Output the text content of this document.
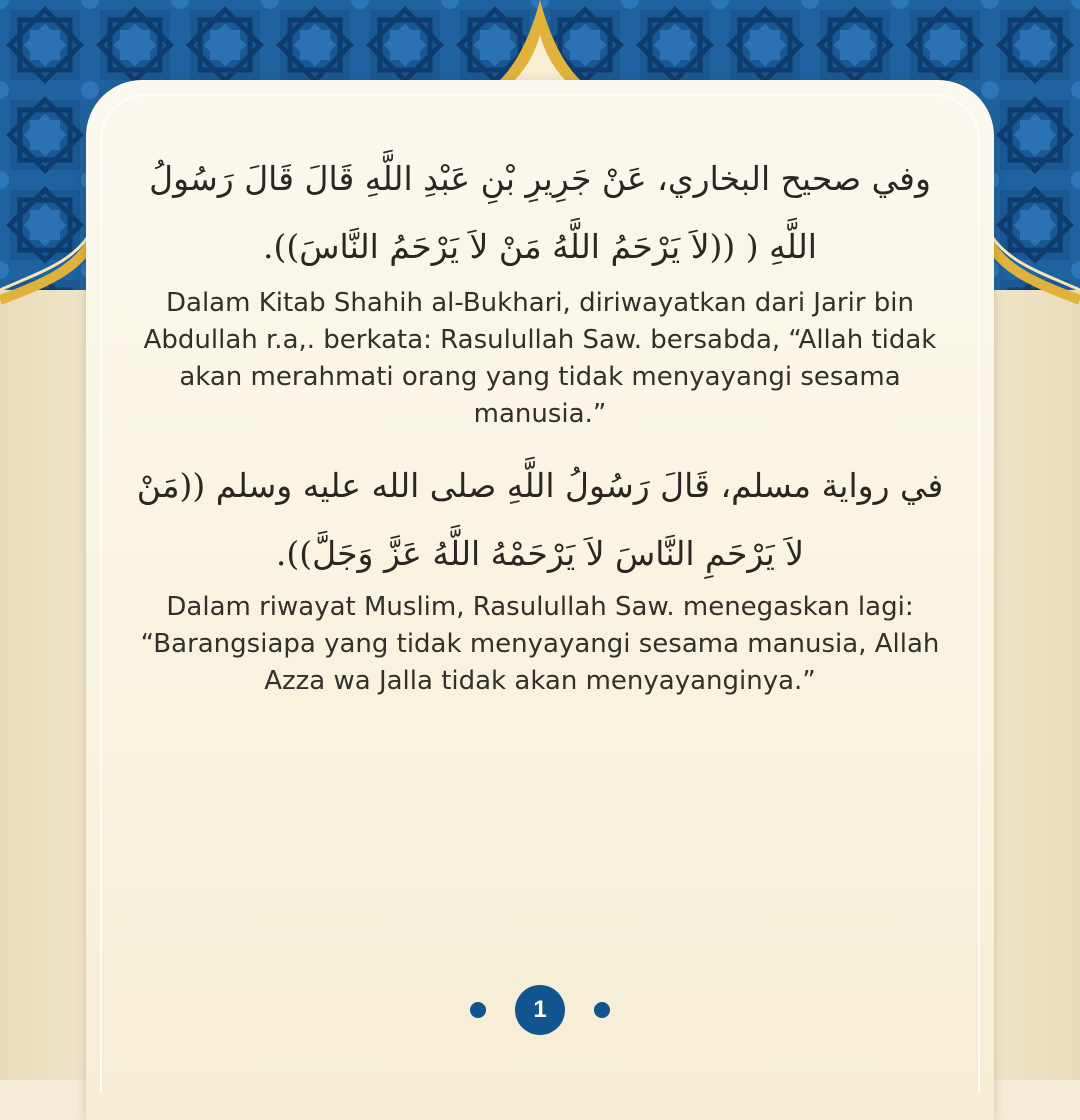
وفي صحيح البخاري، عَنْ جَرِيرِ بْنِ عَبْدِ اللَّهِ قَالَ قَالَ رَسُولُ اللَّهِ ( ((لاَ يَرْحَمُ اللَّهُ مَنْ لاَ يَرْحَمُ النَّاسَ)).
Dalam Kitab Shahih al-Bukhari, diriwayatkan dari Jarir bin Abdullah r.a,. berkata: Rasulullah Saw. bersabda, “Allah tidak akan merahmati orang yang tidak menyayangi sesama manusia.”
في رواية مسلم، قَالَ رَسُولُ اللَّهِ صلى الله عليه وسلم ((مَنْ لاَ يَرْحَمِ النَّاسَ لاَ يَرْحَمْهُ اللَّهُ عَزَّ وَجَلَّ)).
Dalam riwayat Muslim, Rasulullah Saw. menegaskan lagi: “Barangsiapa yang tidak menyayangi sesama manusia, Allah Azza wa Jalla tidak akan menyayanginya.”
1
